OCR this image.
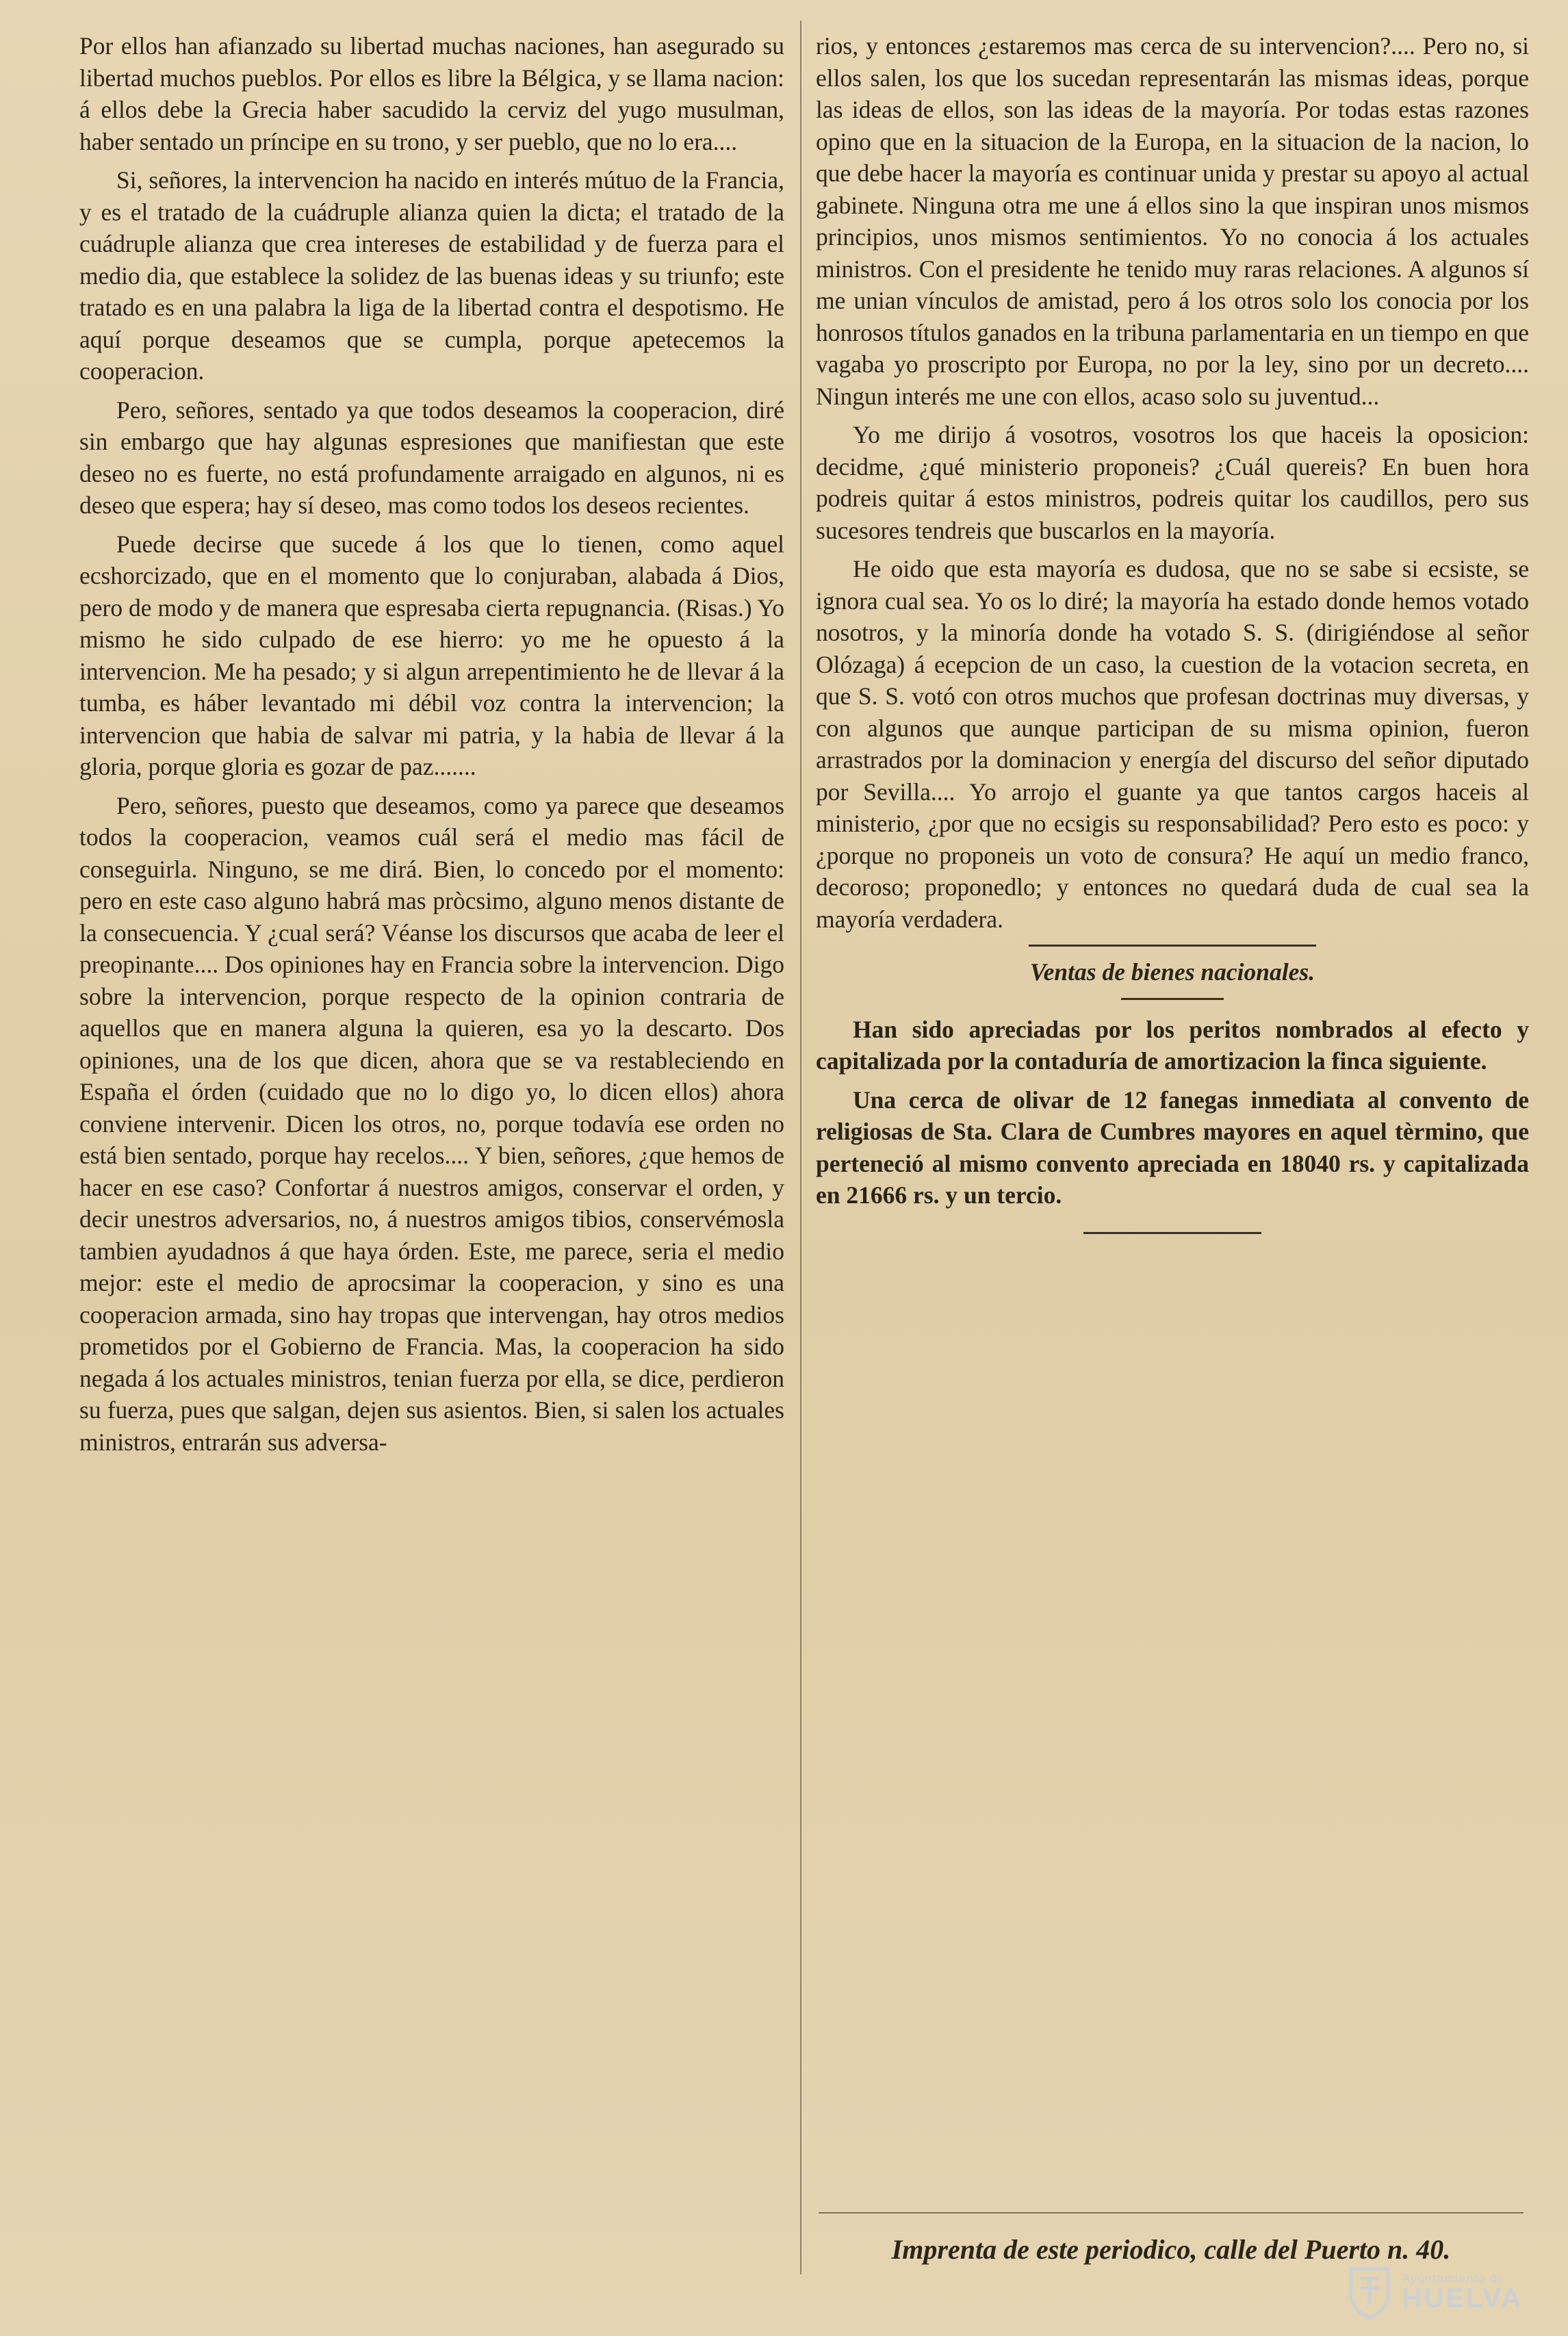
Por ellos han afianzado su libertad muchas naciones, han asegurado su libertad muchos pueblos. Por ellos es libre la Bélgica, y se llama nacion: á ellos debe la Grecia haber sacudido la cerviz del yugo musulman, haber sentado un príncipe en su trono, y ser pueblo, que no lo era....

Si, señores, la intervencion ha nacido en interés mútuo de la Francia, y es el tratado de la cuádruple alianza quien la dicta; el tratado de la cuádruple alianza que crea intereses de estabilidad y de fuerza para el medio dia, que establece la solidez de las buenas ideas y su triunfo; este tratado es en una palabra la liga de la libertad contra el despotismo. He aquí porque deseamos que se cumpla, porque apetecemos la cooperacion.

Pero, señores, sentado ya que todos deseamos la cooperacion, diré sin embargo que hay algunas espresiones que manifiestan que este deseo no es fuerte, no está profundamente arraigado en algunos, ni es deseo que espera; hay sí deseo, mas como todos los deseos recientes.

Puede decirse que sucede á los que lo tienen, como aquel ecshorcizado, que en el momento que lo conjuraban, alabada á Dios, pero de modo y de manera que espresaba cierta repugnancia. (Risas.) Yo mismo he sido culpado de ese hierro: yo me he opuesto á la intervencion. Me ha pesado; y si algun arrepentimiento he de llevar á la tumba, es háber levantado mi débil voz contra la intervencion; la intervencion que habia de salvar mi patria, y la habia de llevar á la gloria, porque gloria es gozar de paz.......

Pero, señores, puesto que deseamos, como ya parece que deseamos todos la cooperacion, veamos cuál será el medio mas fácil de conseguirla. Ninguno, se me dirá. Bien, lo concedo por el momento: pero en este caso alguno habrá mas pròcsimo, alguno menos distante de la consecuencia. Y ¿cual será? Véanse los discursos que acaba de leer el preopinante.... Dos opiniones hay en Francia sobre la intervencion. Digo sobre la intervencion, porque respecto de la opinion contraria de aquellos que en manera alguna la quieren, esa yo la descarto. Dos opiniones, una de los que dicen, ahora que se va restableciendo en España el órden (cuidado que no lo digo yo, lo dicen ellos) ahora conviene intervenir. Dicen los otros, no, porque todavía ese orden no está bien sentado, porque hay recelos.... Y bien, señores, ¿que hemos de hacer en ese caso? Confortar á nuestros amigos, conservar el orden, y decir unestros adversarios, no, á nuestros amigos tibios, conservémosla tambien ayudadnos á que haya órden. Este, me parece, seria el medio mejor: este el medio de aprocsimar la cooperacion, y sino es una cooperacion armada, sino hay tropas que intervengan, hay otros medios prometidos por el Gobierno de Francia. Mas, la cooperacion ha sido negada á los actuales ministros, tenian fuerza por ella, se dice, perdieron su fuerza, pues que salgan, dejen sus asientos. Bien, si salen los actuales ministros, entrarán sus adversa-

rios, y entonces ¿estaremos mas cerca de su intervencion?.... Pero no, si ellos salen, los que los sucedan representarán las mismas ideas, porque las ideas de ellos, son las ideas de la mayoría. Por todas estas razones opino que en la situacion de la Europa, en la situacion de la nacion, lo que debe hacer la mayoría es continuar unida y prestar su apoyo al actual gabinete. Ninguna otra me une á ellos sino la que inspiran unos mismos principios, unos mismos sentimientos. Yo no conocia á los actuales ministros. Con el presidente he tenido muy raras relaciones. A algunos sí me unian vínculos de amistad, pero á los otros solo los conocia por los honrosos títulos ganados en la tribuna parlamentaria en un tiempo en que vagaba yo proscripto por Europa, no por la ley, sino por un decreto.... Ningun interés me une con ellos, acaso solo su juventud...

Yo me dirijo á vosotros, vosotros los que haceis la oposicion: decidme, ¿qué ministerio proponeis? ¿Cuál quereis? En buen hora podreis quitar á estos ministros, podreis quitar los caudillos, pero sus sucesores tendreis que buscarlos en la mayoría.

He oido que esta mayoría es dudosa, que no se sabe si ecsiste, se ignora cual sea. Yo os lo diré; la mayoría ha estado donde hemos votado nosotros, y la minoría donde ha votado S. S. (dirigiéndose al señor Olózaga) á ecepcion de un caso, la cuestion de la votacion secreta, en que S. S. votó con otros muchos que profesan doctrinas muy diversas, y con algunos que aunque participan de su misma opinion, fueron arrastrados por la dominacion y energía del discurso del señor diputado por Sevilla.... Yo arrojo el guante ya que tantos cargos haceis al ministerio, ¿por que no ecsigis su responsabilidad? Pero esto es poco: y ¿porque no proponeis un voto de consura? He aquí un medio franco, decoroso; proponedlo; y entonces no quedará duda de cual sea la mayoría verdadera.

Ventas de bienes nacionales.

Han sido apreciadas por los peritos nombrados al efecto y capitalizada por la contaduría de amortizacion la finca siguiente.

Una cerca de olivar de 12 fanegas inmediata al convento de religiosas de Sta. Clara de Cumbres mayores en aquel tèrmino, que perteneció al mismo convento apreciada en 18040 rs. y capitalizada en 21666 rs. y un tercio.

Imprenta de este periodico, calle del Puerto n. 40.
Ayuntamiento de
HUELVA
